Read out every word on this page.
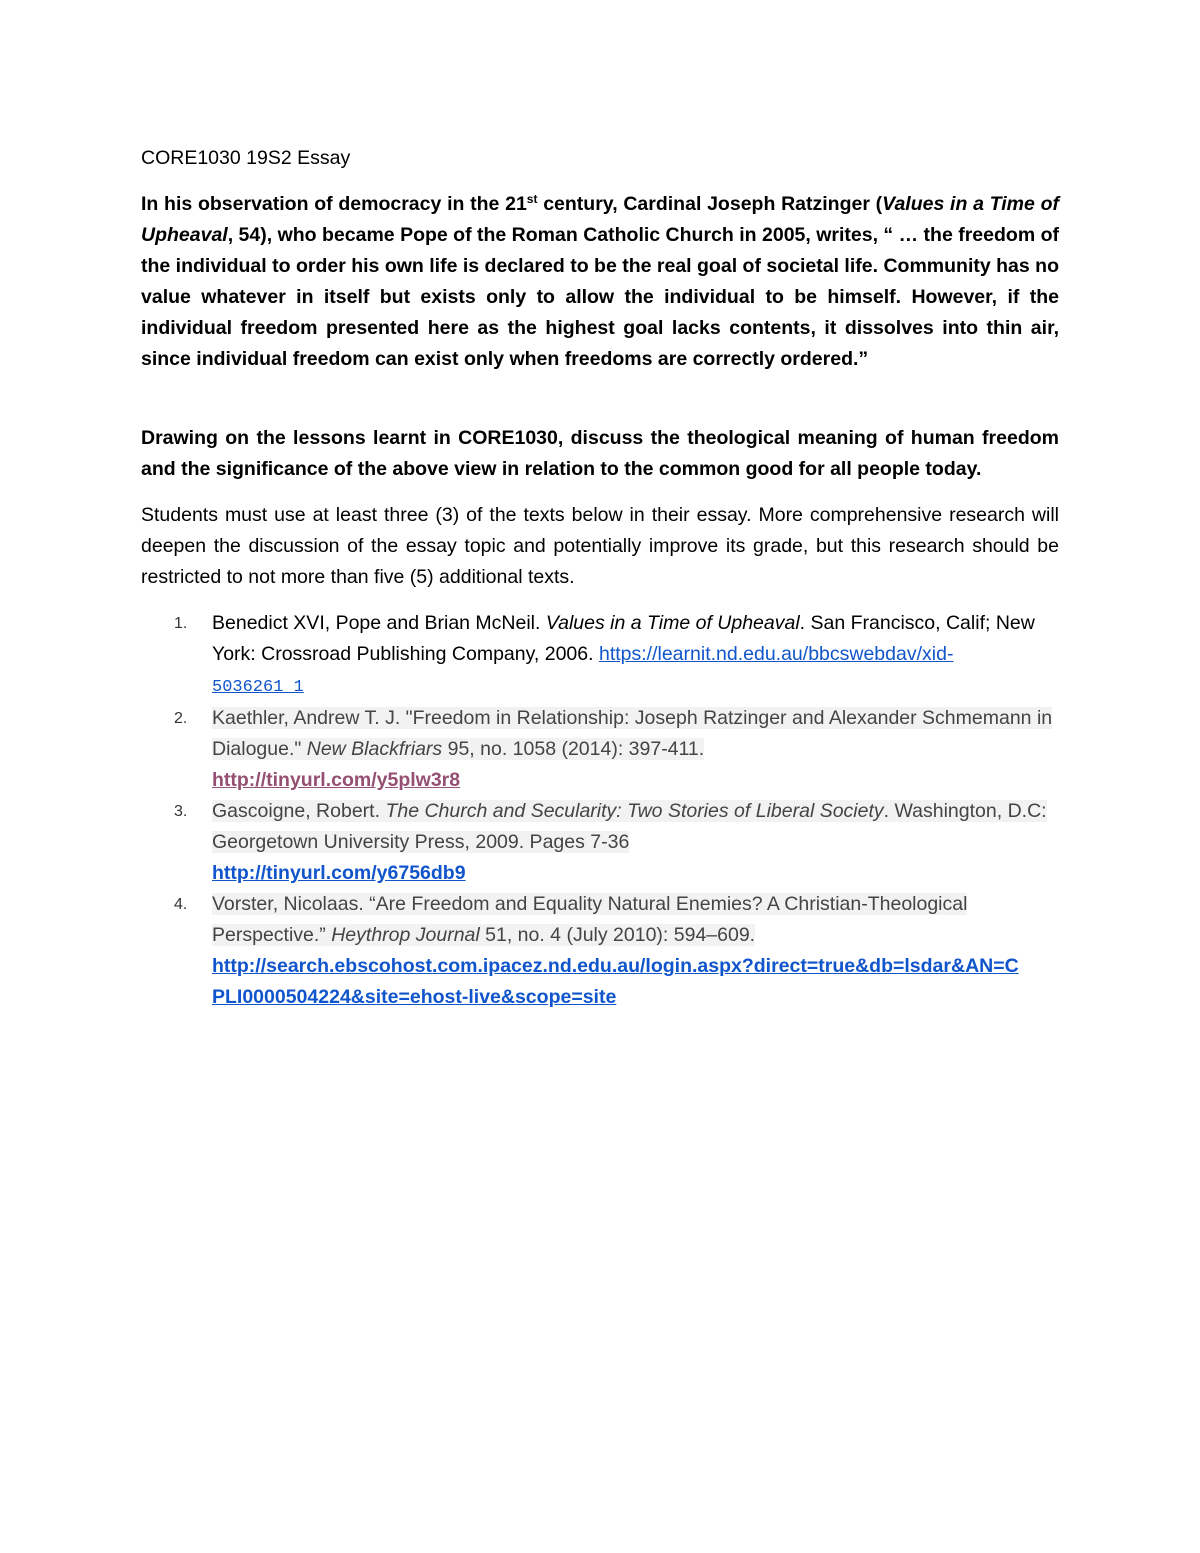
CORE1030 19S2 Essay

In his observation of democracy in the 21st century, Cardinal Joseph Ratzinger (Values in a Time of Upheaval, 54), who became Pope of the Roman Catholic Church in 2005, writes, “ … the freedom of the individual to order his own life is declared to be the real goal of societal life. Community has no value whatever in itself but exists only to allow the individual to be himself. However, if the individual freedom presented here as the highest goal lacks contents, it dissolves into thin air, since individual freedom can exist only when freedoms are correctly ordered.”

Drawing on the lessons learnt in CORE1030, discuss the theological meaning of human freedom and the significance of the above view in relation to the common good for all people today.

Students must use at least three (3) of the texts below in their essay. More comprehensive research will deepen the discussion of the essay topic and potentially improve its grade, but this research should be restricted to not more than five (5) additional texts.

1. Benedict XVI, Pope and Brian McNeil. Values in a Time of Upheaval. San Francisco, Calif; New York: Crossroad Publishing Company, 2006. https://learnit.nd.edu.au/bbcswebdav/xid-
5036261_1
2. Kaethler, Andrew T. J. "Freedom in Relationship: Joseph Ratzinger and Alexander Schmemann in Dialogue." New Blackfriars 95, no. 1058 (2014): 397-411.
http://tinyurl.com/y5plw3r8
3. Gascoigne, Robert. The Church and Secularity: Two Stories of Liberal Society. Washington, D.C: Georgetown University Press, 2009. Pages 7-36
http://tinyurl.com/y6756db9
4. Vorster, Nicolaas. “Are Freedom and Equality Natural Enemies? A Christian-Theological Perspective.” Heythrop Journal 51, no. 4 (July 2010): 594–609.
http://search.ebscohost.com.ipacez.nd.edu.au/login.aspx?direct=true&db=lsdar&AN=C
PLI0000504224&site=ehost-live&scope=site
